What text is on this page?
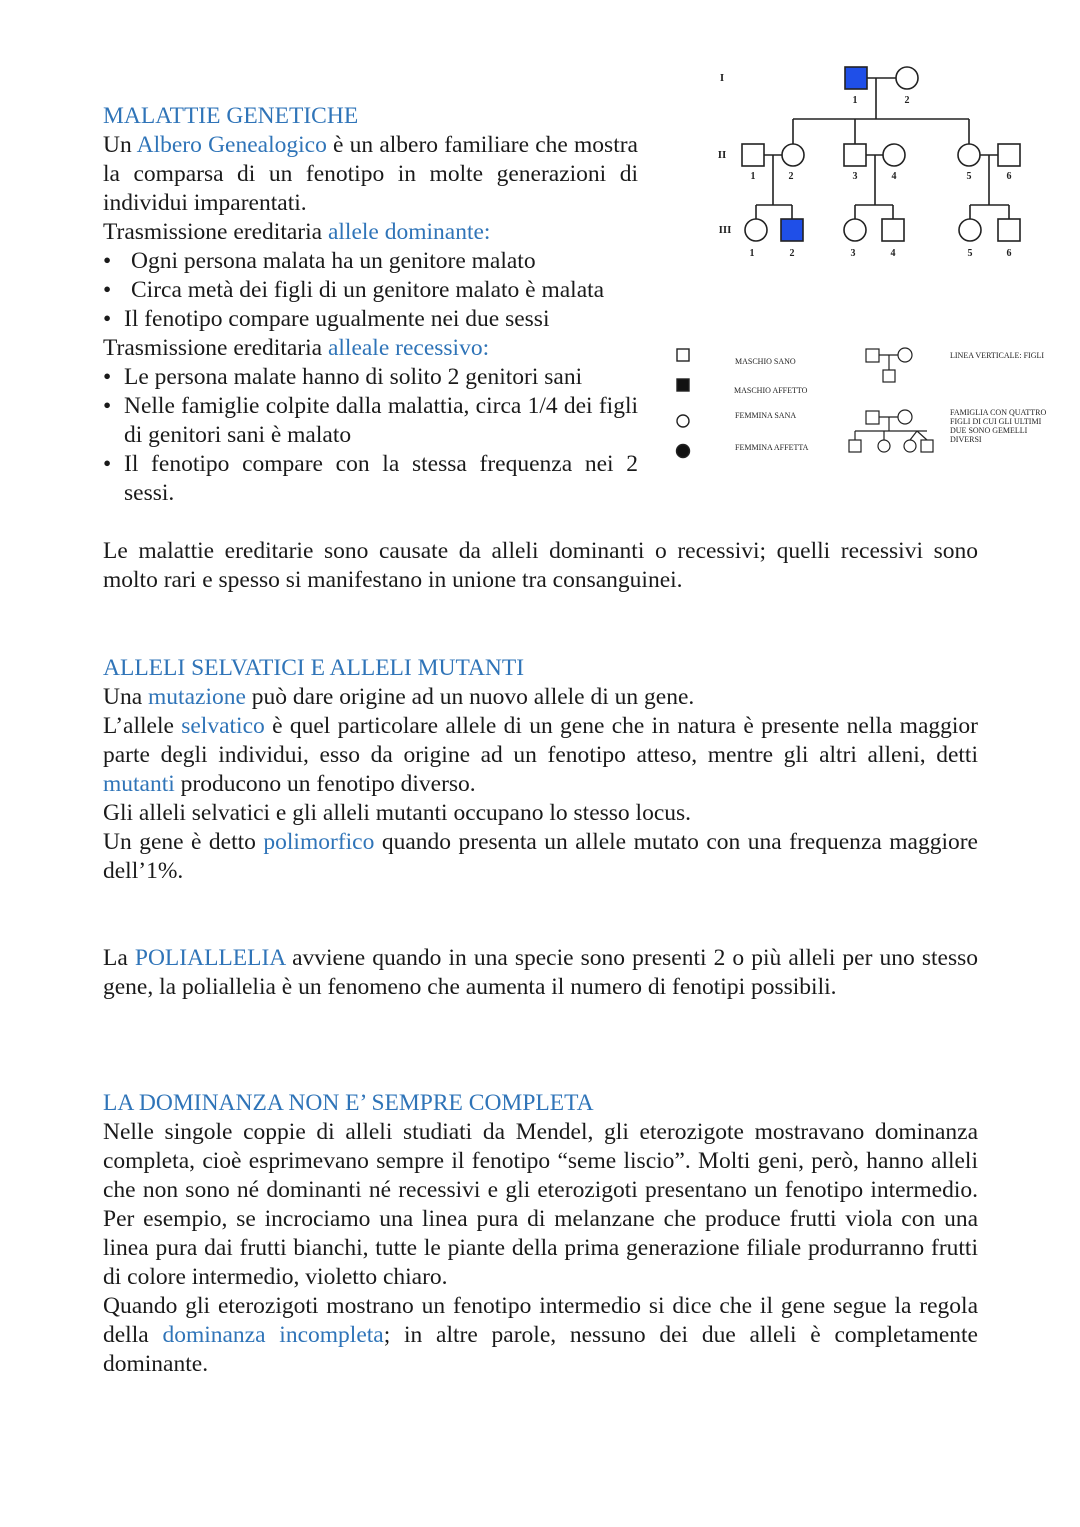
MALATTIE GENETICHE
Un Albero Genealogico è un albero familiare che mostra la comparsa di un fenotipo in molte generazioni di individui imparentati.
Trasmissione ereditaria allele dominante:
• Ogni persona malata ha un genitore malato
• Circa metà dei figli di un genitore malato è malata
• Il fenotipo compare ugualmente nei due sessi
Trasmissione ereditaria alleale recessivo:
• Le persona malate hanno di solito 2 genitori sani
• Nelle famiglie colpite dalla malattia, circa 1/4 dei figli di genitori sani è malato
• Il fenotipo compare con la stessa frequenza nei 2 sessi.
Le malattie ereditarie sono causate da alleli dominanti o recessivi; quelli recessivi sono molto rari e spesso si manifestano in unione tra consanguinei.
I
II
III
1	2
1	2	3	4	5	6
1	2	3	4	5	6
MASCHIO SANO
MASCHIO AFFETTO
FEMMINA SANA
FEMMINA AFFETTA
LINEA VERTICALE: FIGLI
FAMIGLIA CON QUATTRO
FIGLI DI CUI GLI ULTIMI
DUE SONO GEMELLI
DIVERSI
ALLELI SELVATICI E ALLELI MUTANTI
Una mutazione può dare origine ad un nuovo allele di un gene.
L’allele selvatico è quel particolare allele di un gene che in natura è presente nella maggior parte degli individui, esso da origine ad un fenotipo atteso, mentre gli altri alleni, detti mutanti producono un fenotipo diverso.
Gli alleli selvatici e gli alleli mutanti occupano lo stesso locus.
Un gene è detto polimorfico quando presenta un allele mutato con una frequenza maggiore dell’1%.
La POLIALLELIA avviene quando in una specie sono presenti 2 o più alleli per uno stesso gene, la poliallelia è un fenomeno che aumenta il numero di fenotipi possibili.
LA DOMINANZA NON E’ SEMPRE COMPLETA
Nelle singole coppie di alleli studiati da Mendel, gli eterozigote mostravano dominanza completa, cioè esprimevano sempre il fenotipo “seme liscio”. Molti geni, però, hanno alleli che non sono né dominanti né recessivi e gli eterozigoti presentano un fenotipo intermedio. Per esempio, se incrociamo una linea pura di melanzane che produce frutti viola con una linea pura dai frutti bianchi, tutte le piante della prima generazione filiale produrranno frutti di colore intermedio, violetto chiaro.
Quando gli eterozigoti mostrano un fenotipo intermedio si dice che il gene segue la regola della dominanza incompleta; in altre parole, nessuno dei due alleli è completamente dominante.
